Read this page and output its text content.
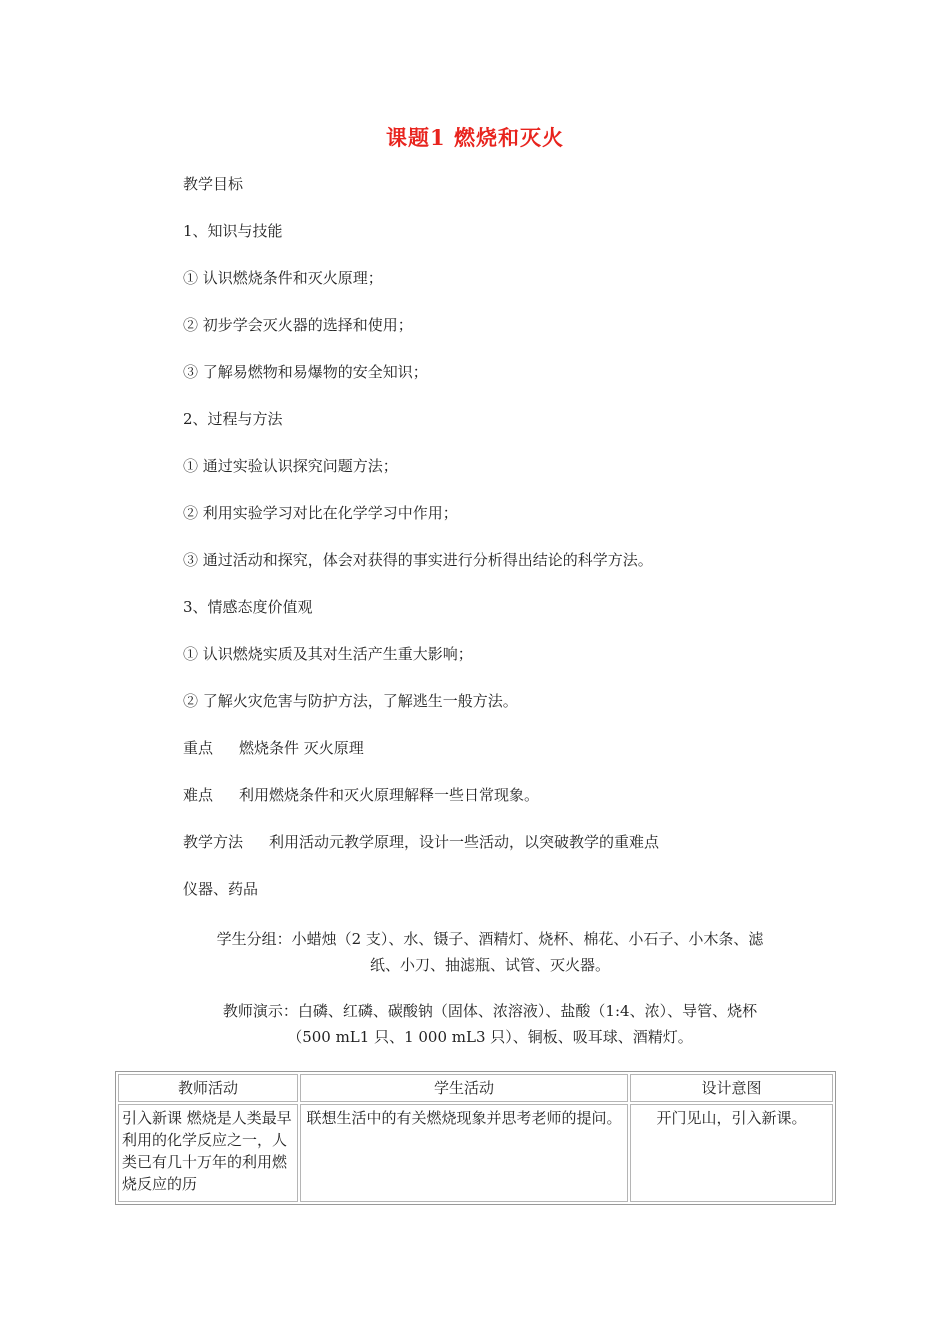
课题1 燃烧和灭火
教学目标
1、知识与技能
① 认识燃烧条件和灭火原理；
② 初步学会灭火器的选择和使用；
③ 了解易燃物和易爆物的安全知识；
2、过程与方法
① 通过实验认识探究问题方法；
② 利用实验学习对比在化学学习中作用；
③ 通过活动和探究，体会对获得的事实进行分析得出结论的科学方法。
3、情感态度价值观
① 认识燃烧实质及其对生活产生重大影响；
② 了解火灾危害与防护方法，了解逃生一般方法。
重点 燃烧条件 灭火原理
难点 利用燃烧条件和灭火原理解释一些日常现象。
教学方法 利用活动元教学原理，设计一些活动，以突破教学的重难点
仪器、药品
学生分组：小蜡烛（2 支）、水、镊子、酒精灯、烧杯、棉花、小石子、小木条、滤
纸、小刀、抽滤瓶、试管、灭火器。
教师演示：白磷、红磷、碳酸钠（固体、浓溶液）、盐酸（1:4、浓）、导管、烧杯
（500 mL1 只、1 000 mL3 只）、铜板、吸耳球、酒精灯。
教师活动	学生活动	设计意图

引入新课 燃烧是人类最早利用的化学反应之一，人类已有几十万年的利用燃烧反应的历	联想生活中的有关燃烧现象并思考老师的提问。	开门见山，引入新课。
